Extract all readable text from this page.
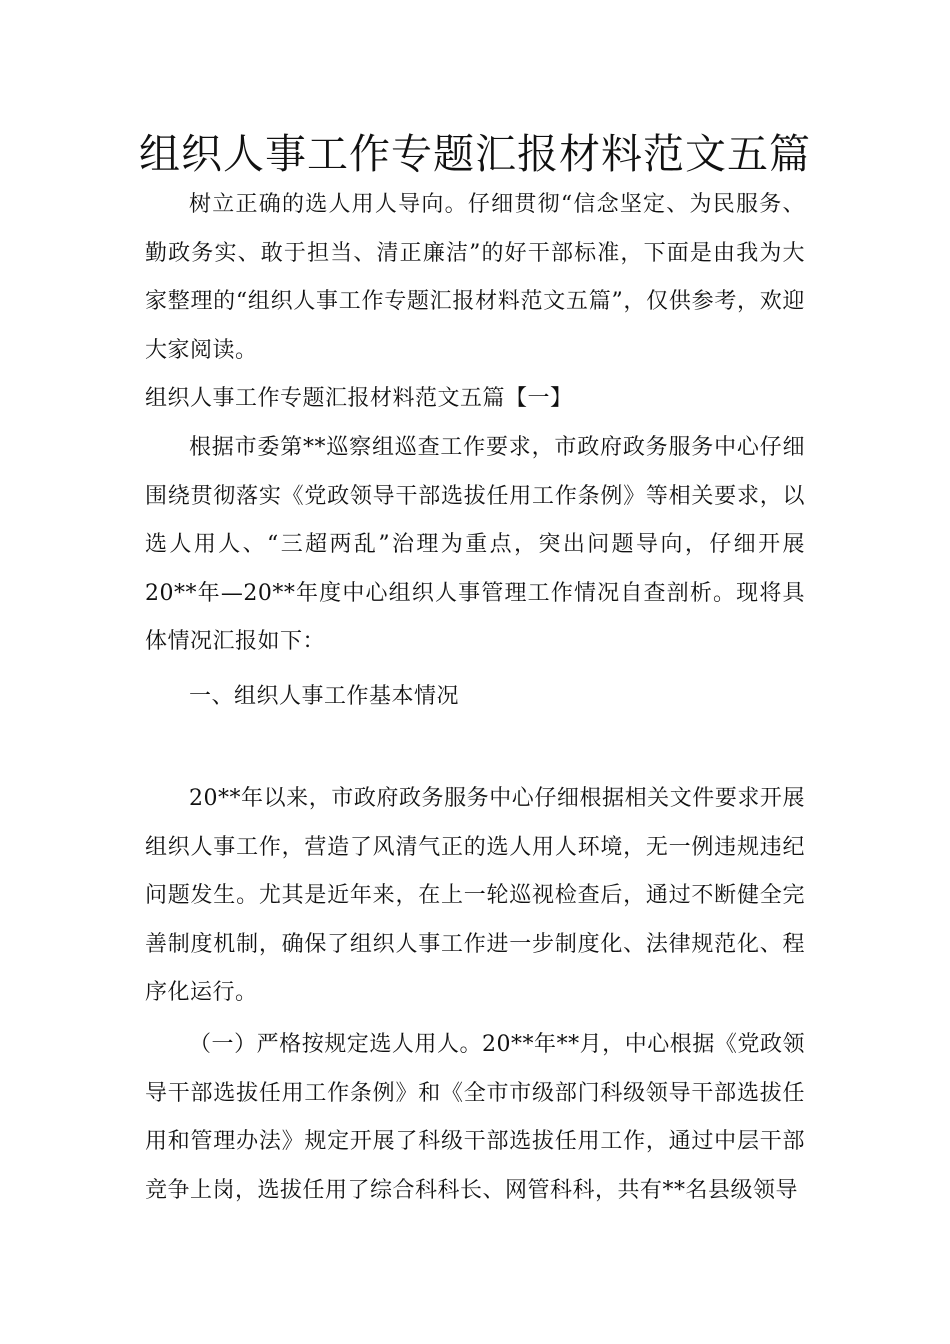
组织人事工作专题汇报材料范文五篇

树立正确的选人用人导向。仔细贯彻“信念坚定、为民服务、勤政务实、敢于担当、清正廉洁”的好干部标准，下面是由我为大家整理的“组织人事工作专题汇报材料范文五篇”，仅供参考，欢迎大家阅读。

组织人事工作专题汇报材料范文五篇【一】

根据市委第**巡察组巡查工作要求，市政府政务服务中心仔细围绕贯彻落实《党政领导干部选拔任用工作条例》等相关要求，以选人用人、“三超两乱”治理为重点，突出问题导向，仔细开展20**年—20**年度中心组织人事管理工作情况自查剖析。现将具体情况汇报如下：

一、组织人事工作基本情况

20**年以来，市政府政务服务中心仔细根据相关文件要求开展组织人事工作，营造了风清气正的选人用人环境，无一例违规违纪问题发生。尤其是近年来，在上一轮巡视检查后，通过不断健全完善制度机制，确保了组织人事工作进一步制度化、法律规范化、程序化运行。

（一）严格按规定选人用人。20**年**月，中心根据《党政领导干部选拔任用工作条例》和《全市市级部门科级领导干部选拔任用和管理办法》规定开展了科级干部选拔任用工作，通过中层干部竞争上岗，选拔任用了综合科科长、网管科科，共有**名县级领导
